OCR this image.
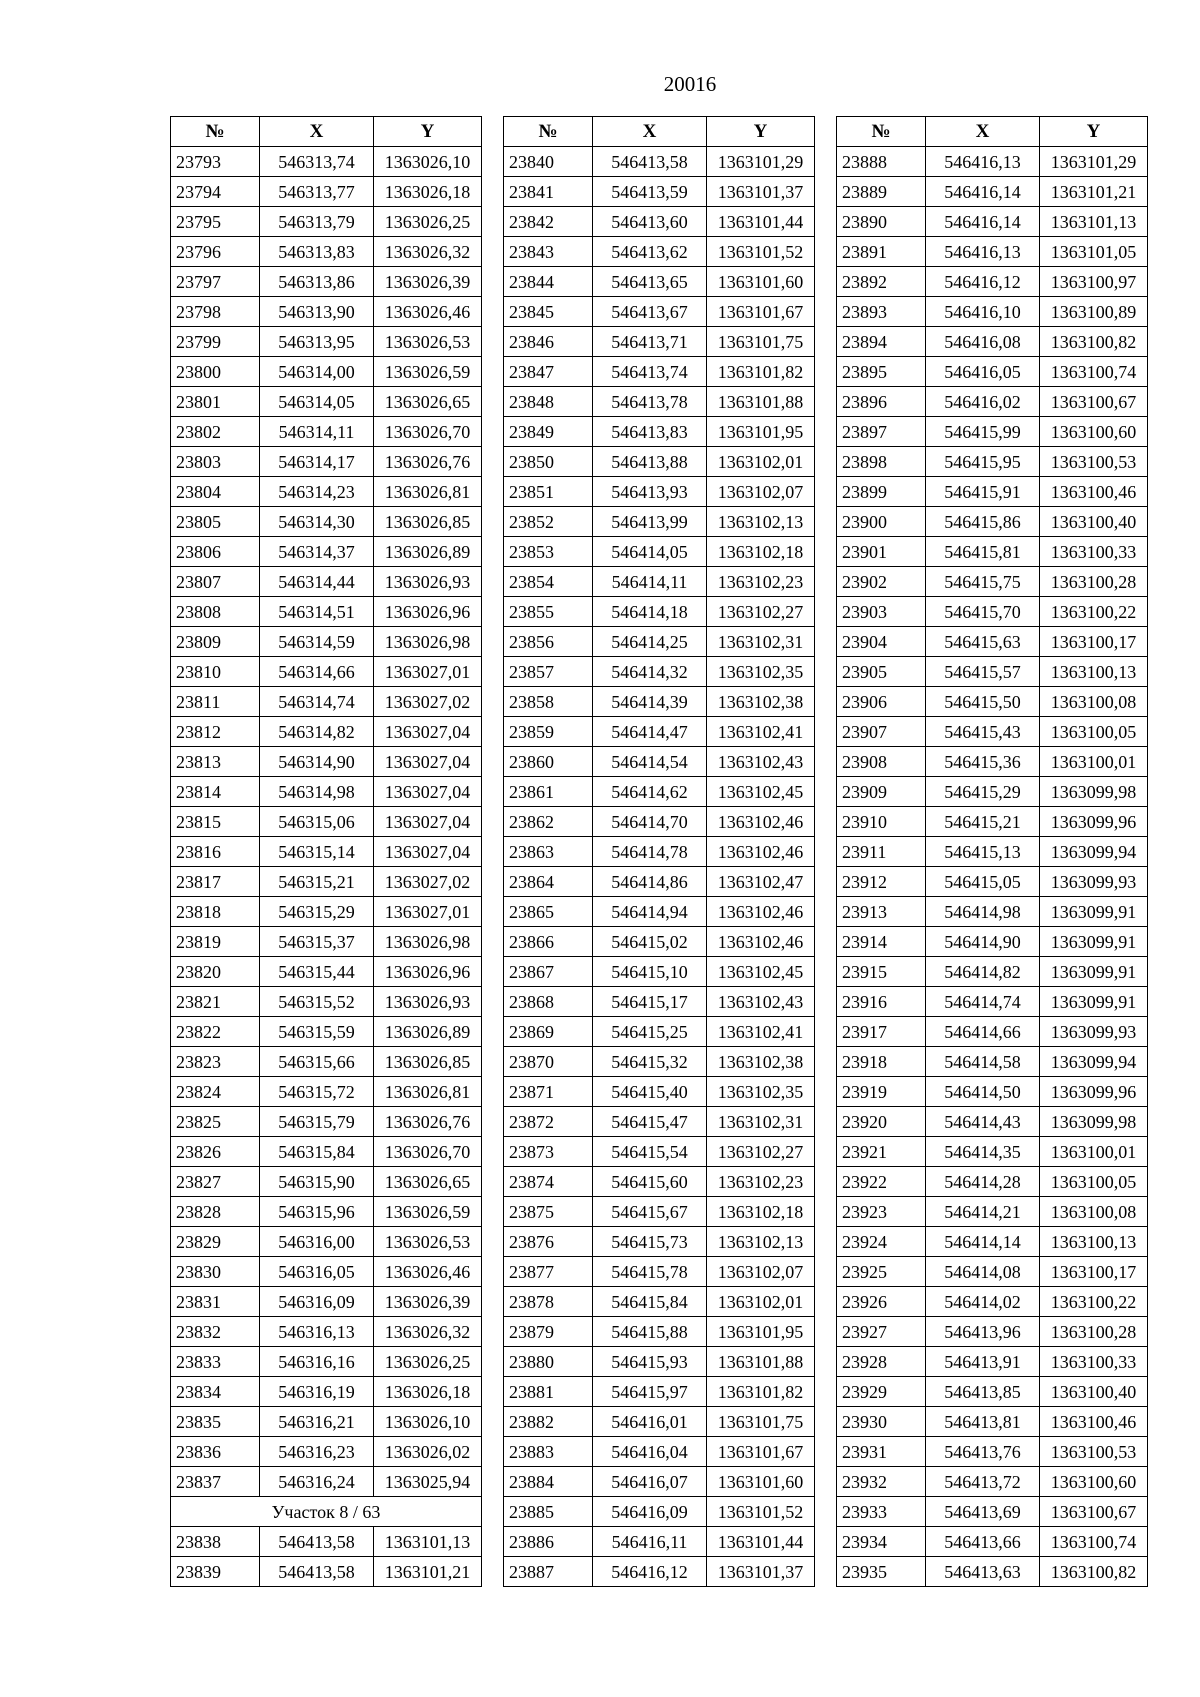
20016
№	X	Y
23793	546313,74	1363026,10
23794	546313,77	1363026,18
23795	546313,79	1363026,25
23796	546313,83	1363026,32
23797	546313,86	1363026,39
23798	546313,90	1363026,46
23799	546313,95	1363026,53
23800	546314,00	1363026,59
23801	546314,05	1363026,65
23802	546314,11	1363026,70
23803	546314,17	1363026,76
23804	546314,23	1363026,81
23805	546314,30	1363026,85
23806	546314,37	1363026,89
23807	546314,44	1363026,93
23808	546314,51	1363026,96
23809	546314,59	1363026,98
23810	546314,66	1363027,01
23811	546314,74	1363027,02
23812	546314,82	1363027,04
23813	546314,90	1363027,04
23814	546314,98	1363027,04
23815	546315,06	1363027,04
23816	546315,14	1363027,04
23817	546315,21	1363027,02
23818	546315,29	1363027,01
23819	546315,37	1363026,98
23820	546315,44	1363026,96
23821	546315,52	1363026,93
23822	546315,59	1363026,89
23823	546315,66	1363026,85
23824	546315,72	1363026,81
23825	546315,79	1363026,76
23826	546315,84	1363026,70
23827	546315,90	1363026,65
23828	546315,96	1363026,59
23829	546316,00	1363026,53
23830	546316,05	1363026,46
23831	546316,09	1363026,39
23832	546316,13	1363026,32
23833	546316,16	1363026,25
23834	546316,19	1363026,18
23835	546316,21	1363026,10
23836	546316,23	1363026,02
23837	546316,24	1363025,94
Участок 8 / 63		
23838	546413,58	1363101,13
23839	546413,58	1363101,21
№	X	Y
23840	546413,58	1363101,29
23841	546413,59	1363101,37
23842	546413,60	1363101,44
23843	546413,62	1363101,52
23844	546413,65	1363101,60
23845	546413,67	1363101,67
23846	546413,71	1363101,75
23847	546413,74	1363101,82
23848	546413,78	1363101,88
23849	546413,83	1363101,95
23850	546413,88	1363102,01
23851	546413,93	1363102,07
23852	546413,99	1363102,13
23853	546414,05	1363102,18
23854	546414,11	1363102,23
23855	546414,18	1363102,27
23856	546414,25	1363102,31
23857	546414,32	1363102,35
23858	546414,39	1363102,38
23859	546414,47	1363102,41
23860	546414,54	1363102,43
23861	546414,62	1363102,45
23862	546414,70	1363102,46
23863	546414,78	1363102,46
23864	546414,86	1363102,47
23865	546414,94	1363102,46
23866	546415,02	1363102,46
23867	546415,10	1363102,45
23868	546415,17	1363102,43
23869	546415,25	1363102,41
23870	546415,32	1363102,38
23871	546415,40	1363102,35
23872	546415,47	1363102,31
23873	546415,54	1363102,27
23874	546415,60	1363102,23
23875	546415,67	1363102,18
23876	546415,73	1363102,13
23877	546415,78	1363102,07
23878	546415,84	1363102,01
23879	546415,88	1363101,95
23880	546415,93	1363101,88
23881	546415,97	1363101,82
23882	546416,01	1363101,75
23883	546416,04	1363101,67
23884	546416,07	1363101,60
23885	546416,09	1363101,52
23886	546416,11	1363101,44
23887	546416,12	1363101,37
№	X	Y
23888	546416,13	1363101,29
23889	546416,14	1363101,21
23890	546416,14	1363101,13
23891	546416,13	1363101,05
23892	546416,12	1363100,97
23893	546416,10	1363100,89
23894	546416,08	1363100,82
23895	546416,05	1363100,74
23896	546416,02	1363100,67
23897	546415,99	1363100,60
23898	546415,95	1363100,53
23899	546415,91	1363100,46
23900	546415,86	1363100,40
23901	546415,81	1363100,33
23902	546415,75	1363100,28
23903	546415,70	1363100,22
23904	546415,63	1363100,17
23905	546415,57	1363100,13
23906	546415,50	1363100,08
23907	546415,43	1363100,05
23908	546415,36	1363100,01
23909	546415,29	1363099,98
23910	546415,21	1363099,96
23911	546415,13	1363099,94
23912	546415,05	1363099,93
23913	546414,98	1363099,91
23914	546414,90	1363099,91
23915	546414,82	1363099,91
23916	546414,74	1363099,91
23917	546414,66	1363099,93
23918	546414,58	1363099,94
23919	546414,50	1363099,96
23920	546414,43	1363099,98
23921	546414,35	1363100,01
23922	546414,28	1363100,05
23923	546414,21	1363100,08
23924	546414,14	1363100,13
23925	546414,08	1363100,17
23926	546414,02	1363100,22
23927	546413,96	1363100,28
23928	546413,91	1363100,33
23929	546413,85	1363100,40
23930	546413,81	1363100,46
23931	546413,76	1363100,53
23932	546413,72	1363100,60
23933	546413,69	1363100,67
23934	546413,66	1363100,74
23935	546413,63	1363100,82
